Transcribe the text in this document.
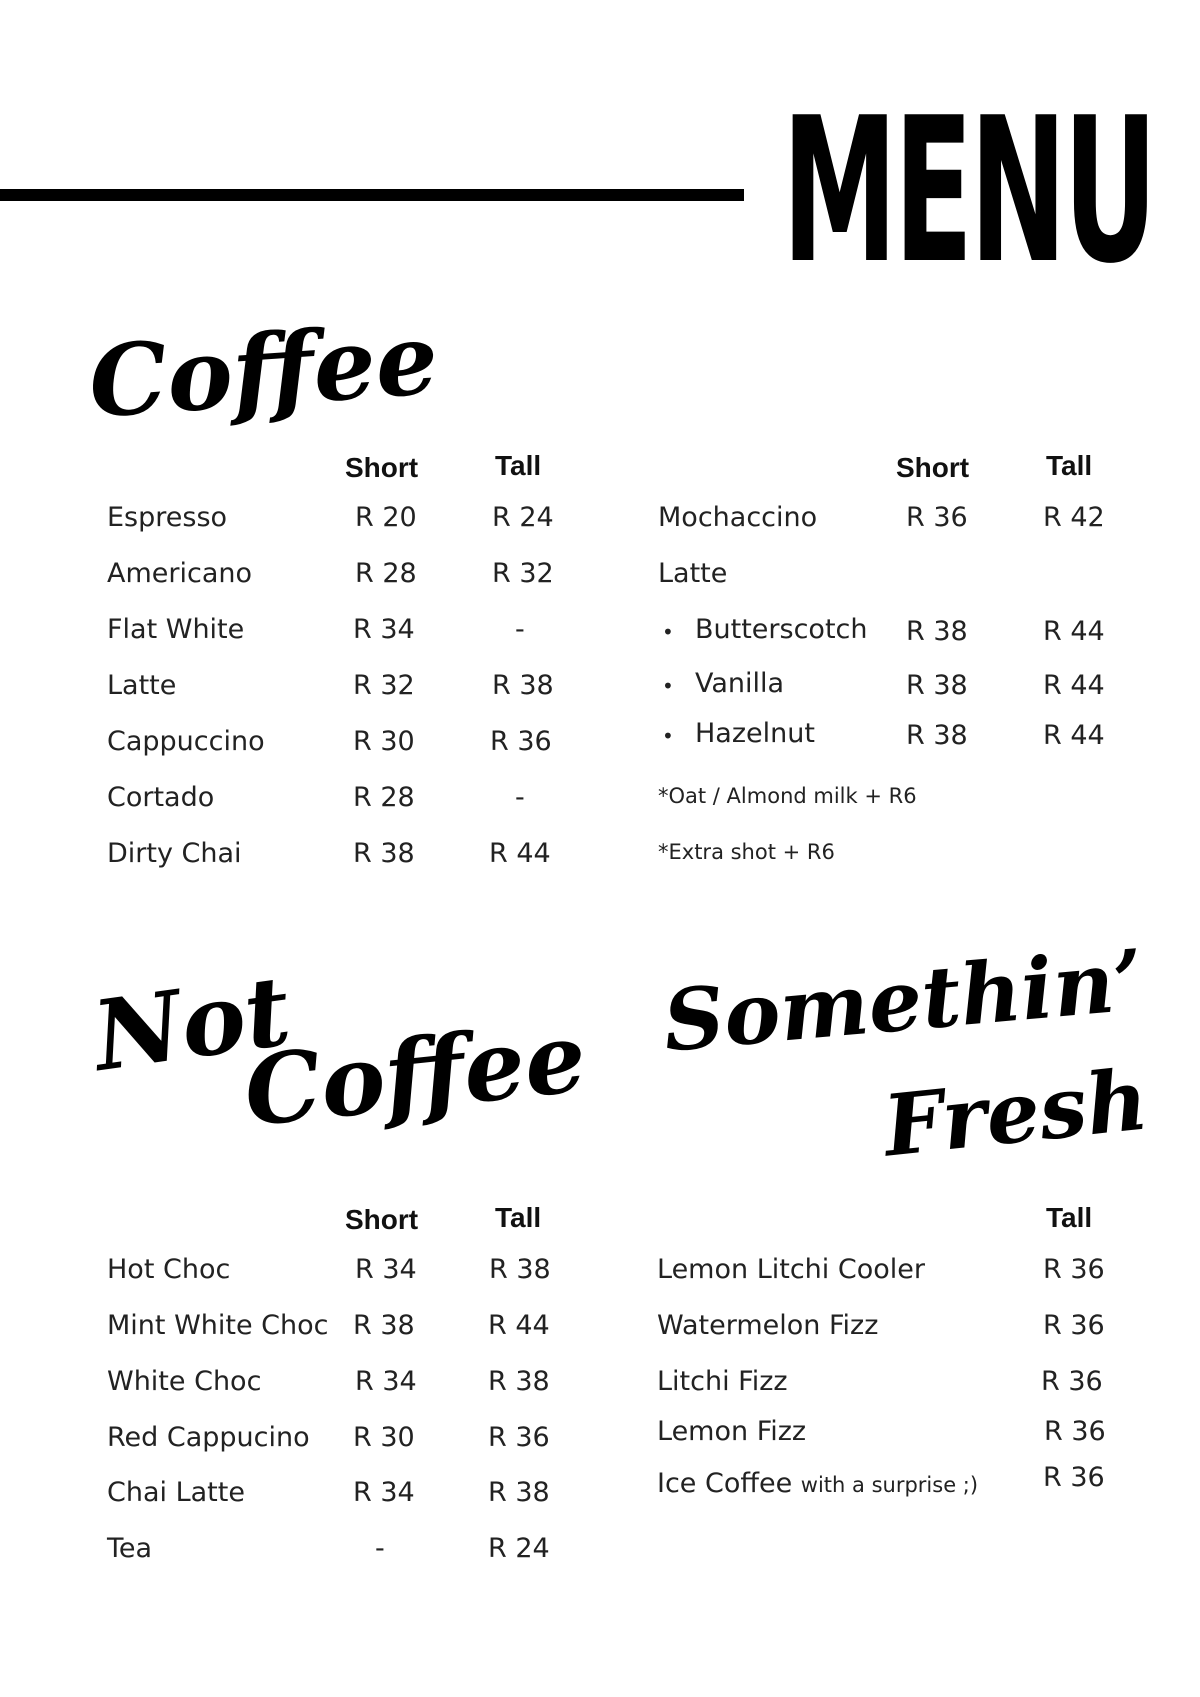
MENU
Coffee
Short	Tall
Espresso	R 20	R 24
Americano	R 28	R 32
Flat White	R 34	-
Latte	R 32	R 38
Cappuccino	R 30	R 36
Cortado	R 28	-
Dirty Chai	R 38	R 44
Short	Tall
Mochaccino	R 36	R 42
Latte
• Butterscotch R 38	R 44
• Vanilla	R 38	R 44
• Hazelnut	R 38	R 44
*Oat / Almond milk + R6
*Extra shot + R6
Not
Coffee
Short	Tall
Hot Choc	R 34	R 38
Mint White Choc R 38	R 44
White Choc	R 34	R 38
Red Cappucino R 30	R 36
Chai Latte	R 34	R 38
Tea	-	R 24
Somethin’
Fresh
Tall
Lemon Litchi Cooler	R 36
Watermelon Fizz	R 36
Litchi Fizz	R 36
Lemon Fizz	R 36
Ice Coffee with a surprise ;) R 36
